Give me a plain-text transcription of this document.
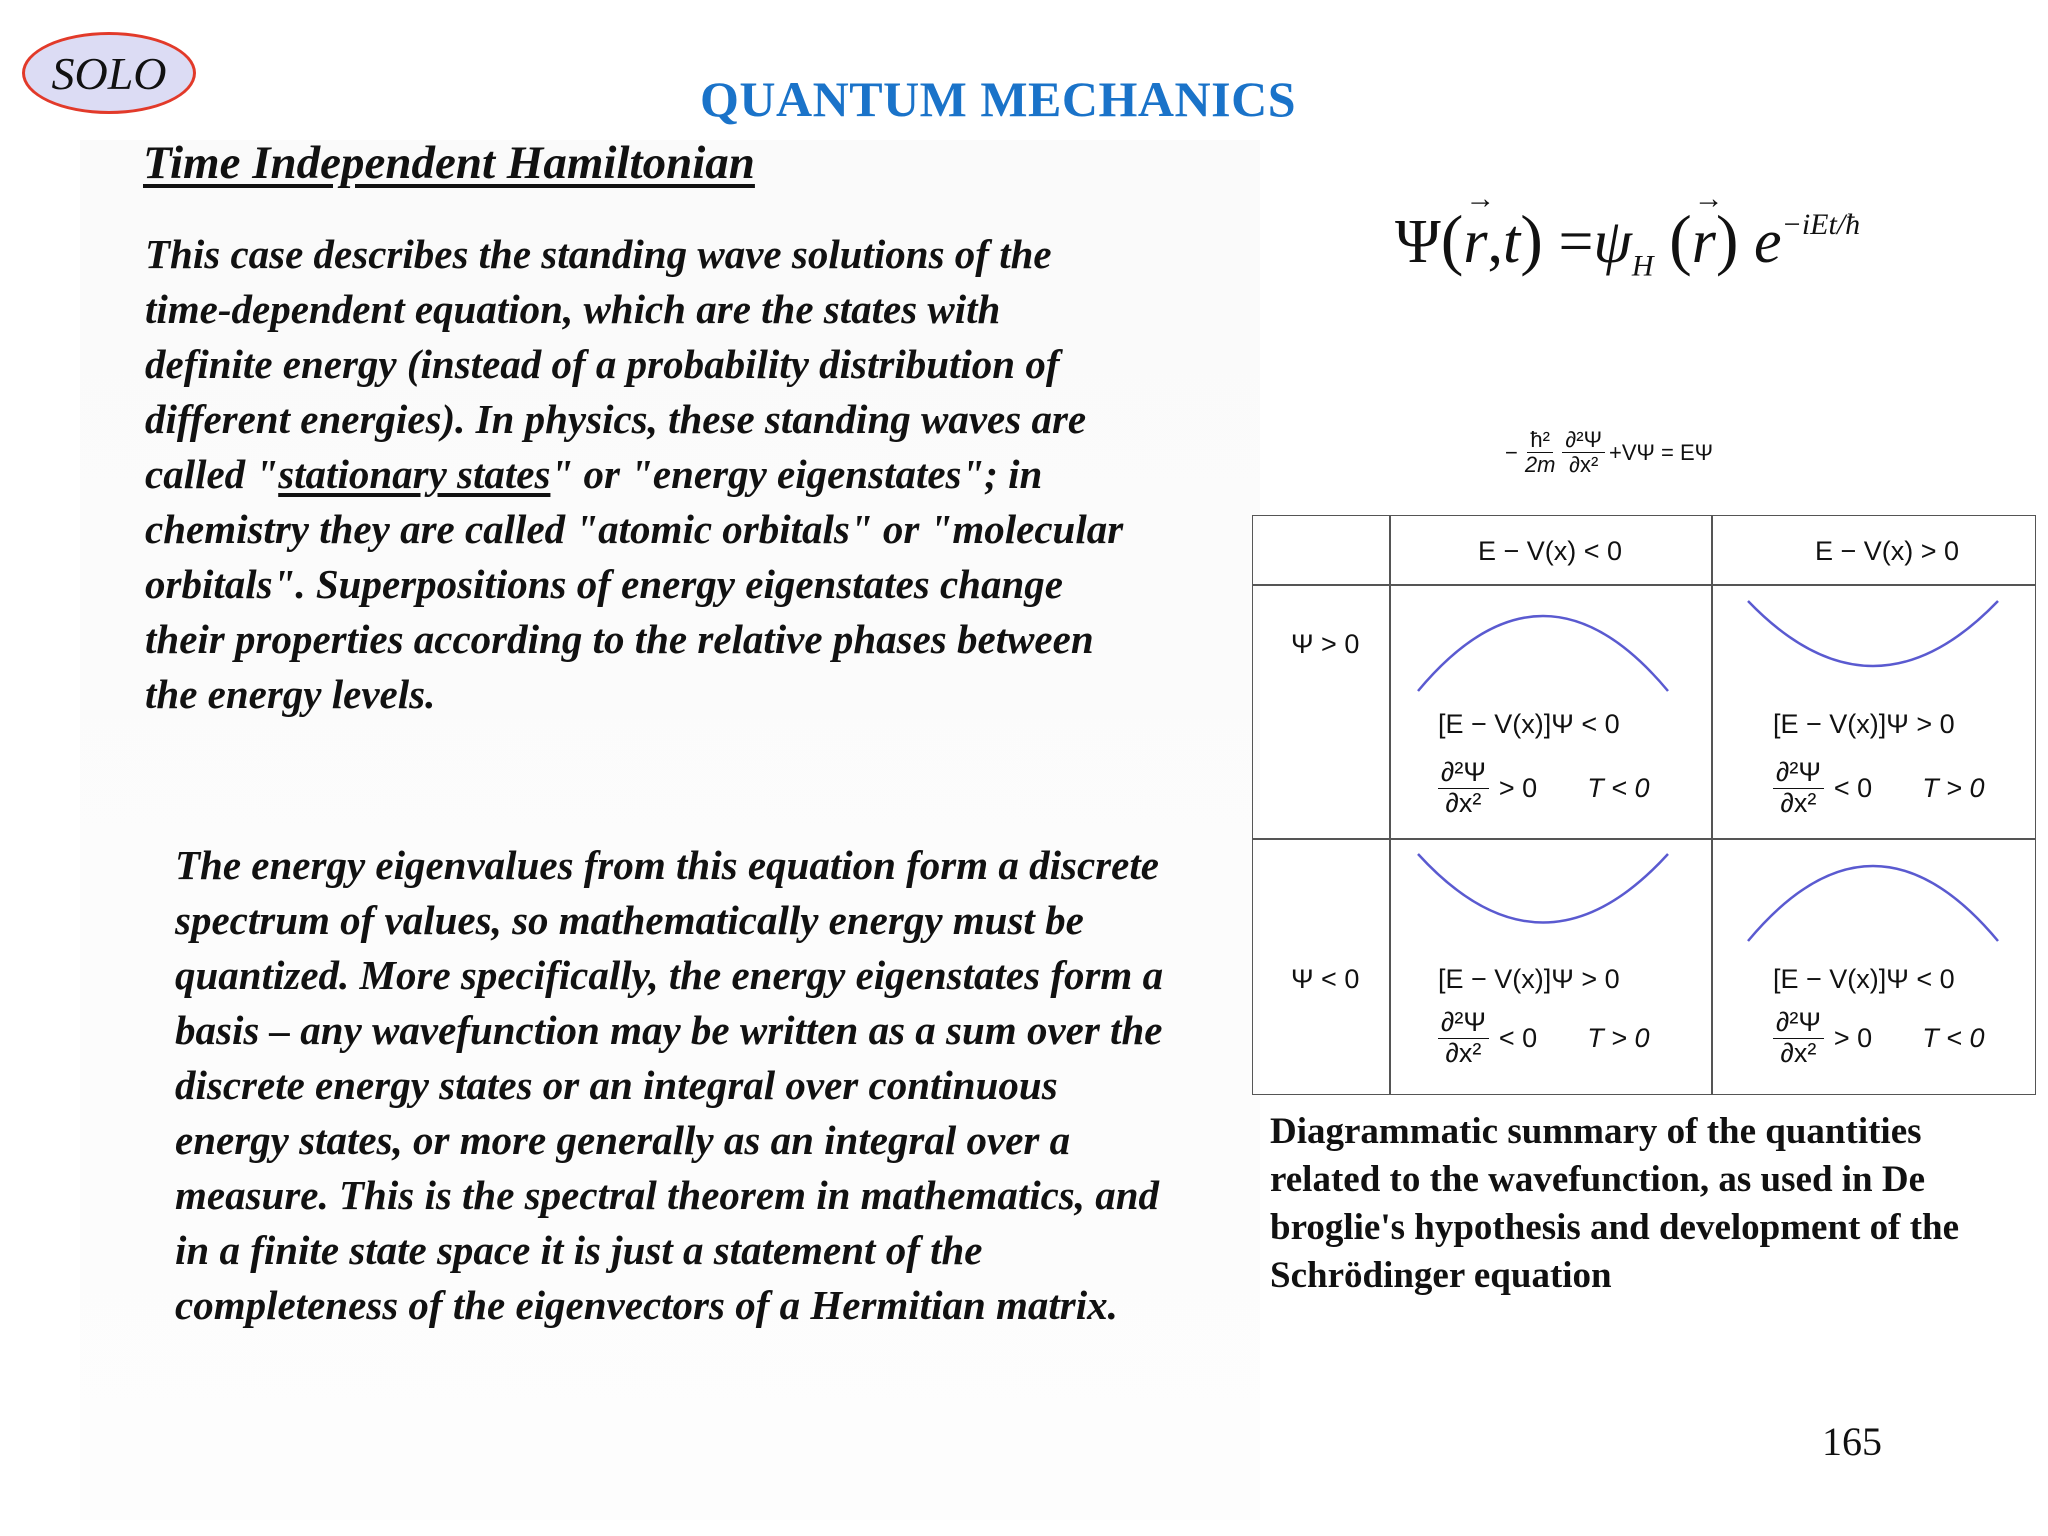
SOLO	QUANTUM MECHANICS
Time Independent Hamiltonian
This case describes the standing wave solutions of the time-dependent equation, which are the states with definite energy (instead of a probability distribution of different energies). In physics, these standing waves are called "stationary states" or "energy eigenstates"; in chemistry they are called "atomic orbitals" or "molecular orbitals". Superpositions of energy eigenstates change their properties according to the relative phases between the energy levels.
The energy eigenvalues from this equation form a discrete spectrum of values, so mathematically energy must be quantized. More specifically, the energy eigenstates form a basis – any wavefunction may be written as a sum over the discrete energy states or an integral over continuous energy states, or more generally as an integral over a measure. This is the spectral theorem in mathematics, and in a finite state space it is just a statement of the completeness of the eigenvectors of a Hermitian matrix.
$\Psi(\to r,t) =\psi_H$ (→ r) $e^{-iEt/ħ}$
− $\frac{\text{ħ²}}{2m} \frac{\text{∂²Ψ}}{\text{∂x²}} +V\Psi = E\Psi$
E − V(x) < 0	E − V(x) > 0
Ψ > 0
Ψ < 0
[E − V(x)]Ψ < 0
$\frac{\text{∂²Ψ}}{\text{∂x²}} > 0$ T < 0
[E − V(x)]Ψ > 0
$\frac{\text{∂²Ψ}}{\text{∂x²}} < 0$ T > 0
[E − V(x)]Ψ > 0
$\frac{\text{∂²Ψ}}{\text{∂x²}} < 0$ T > 0
[E − V(x)]Ψ < 0
$\frac{\text{∂²Ψ}}{\text{∂x²}} > 0$ T < 0
Diagrammatic summary of the quantities related to the wavefunction, as used in De broglie's hypothesis and development of the Schrödinger equation
165
